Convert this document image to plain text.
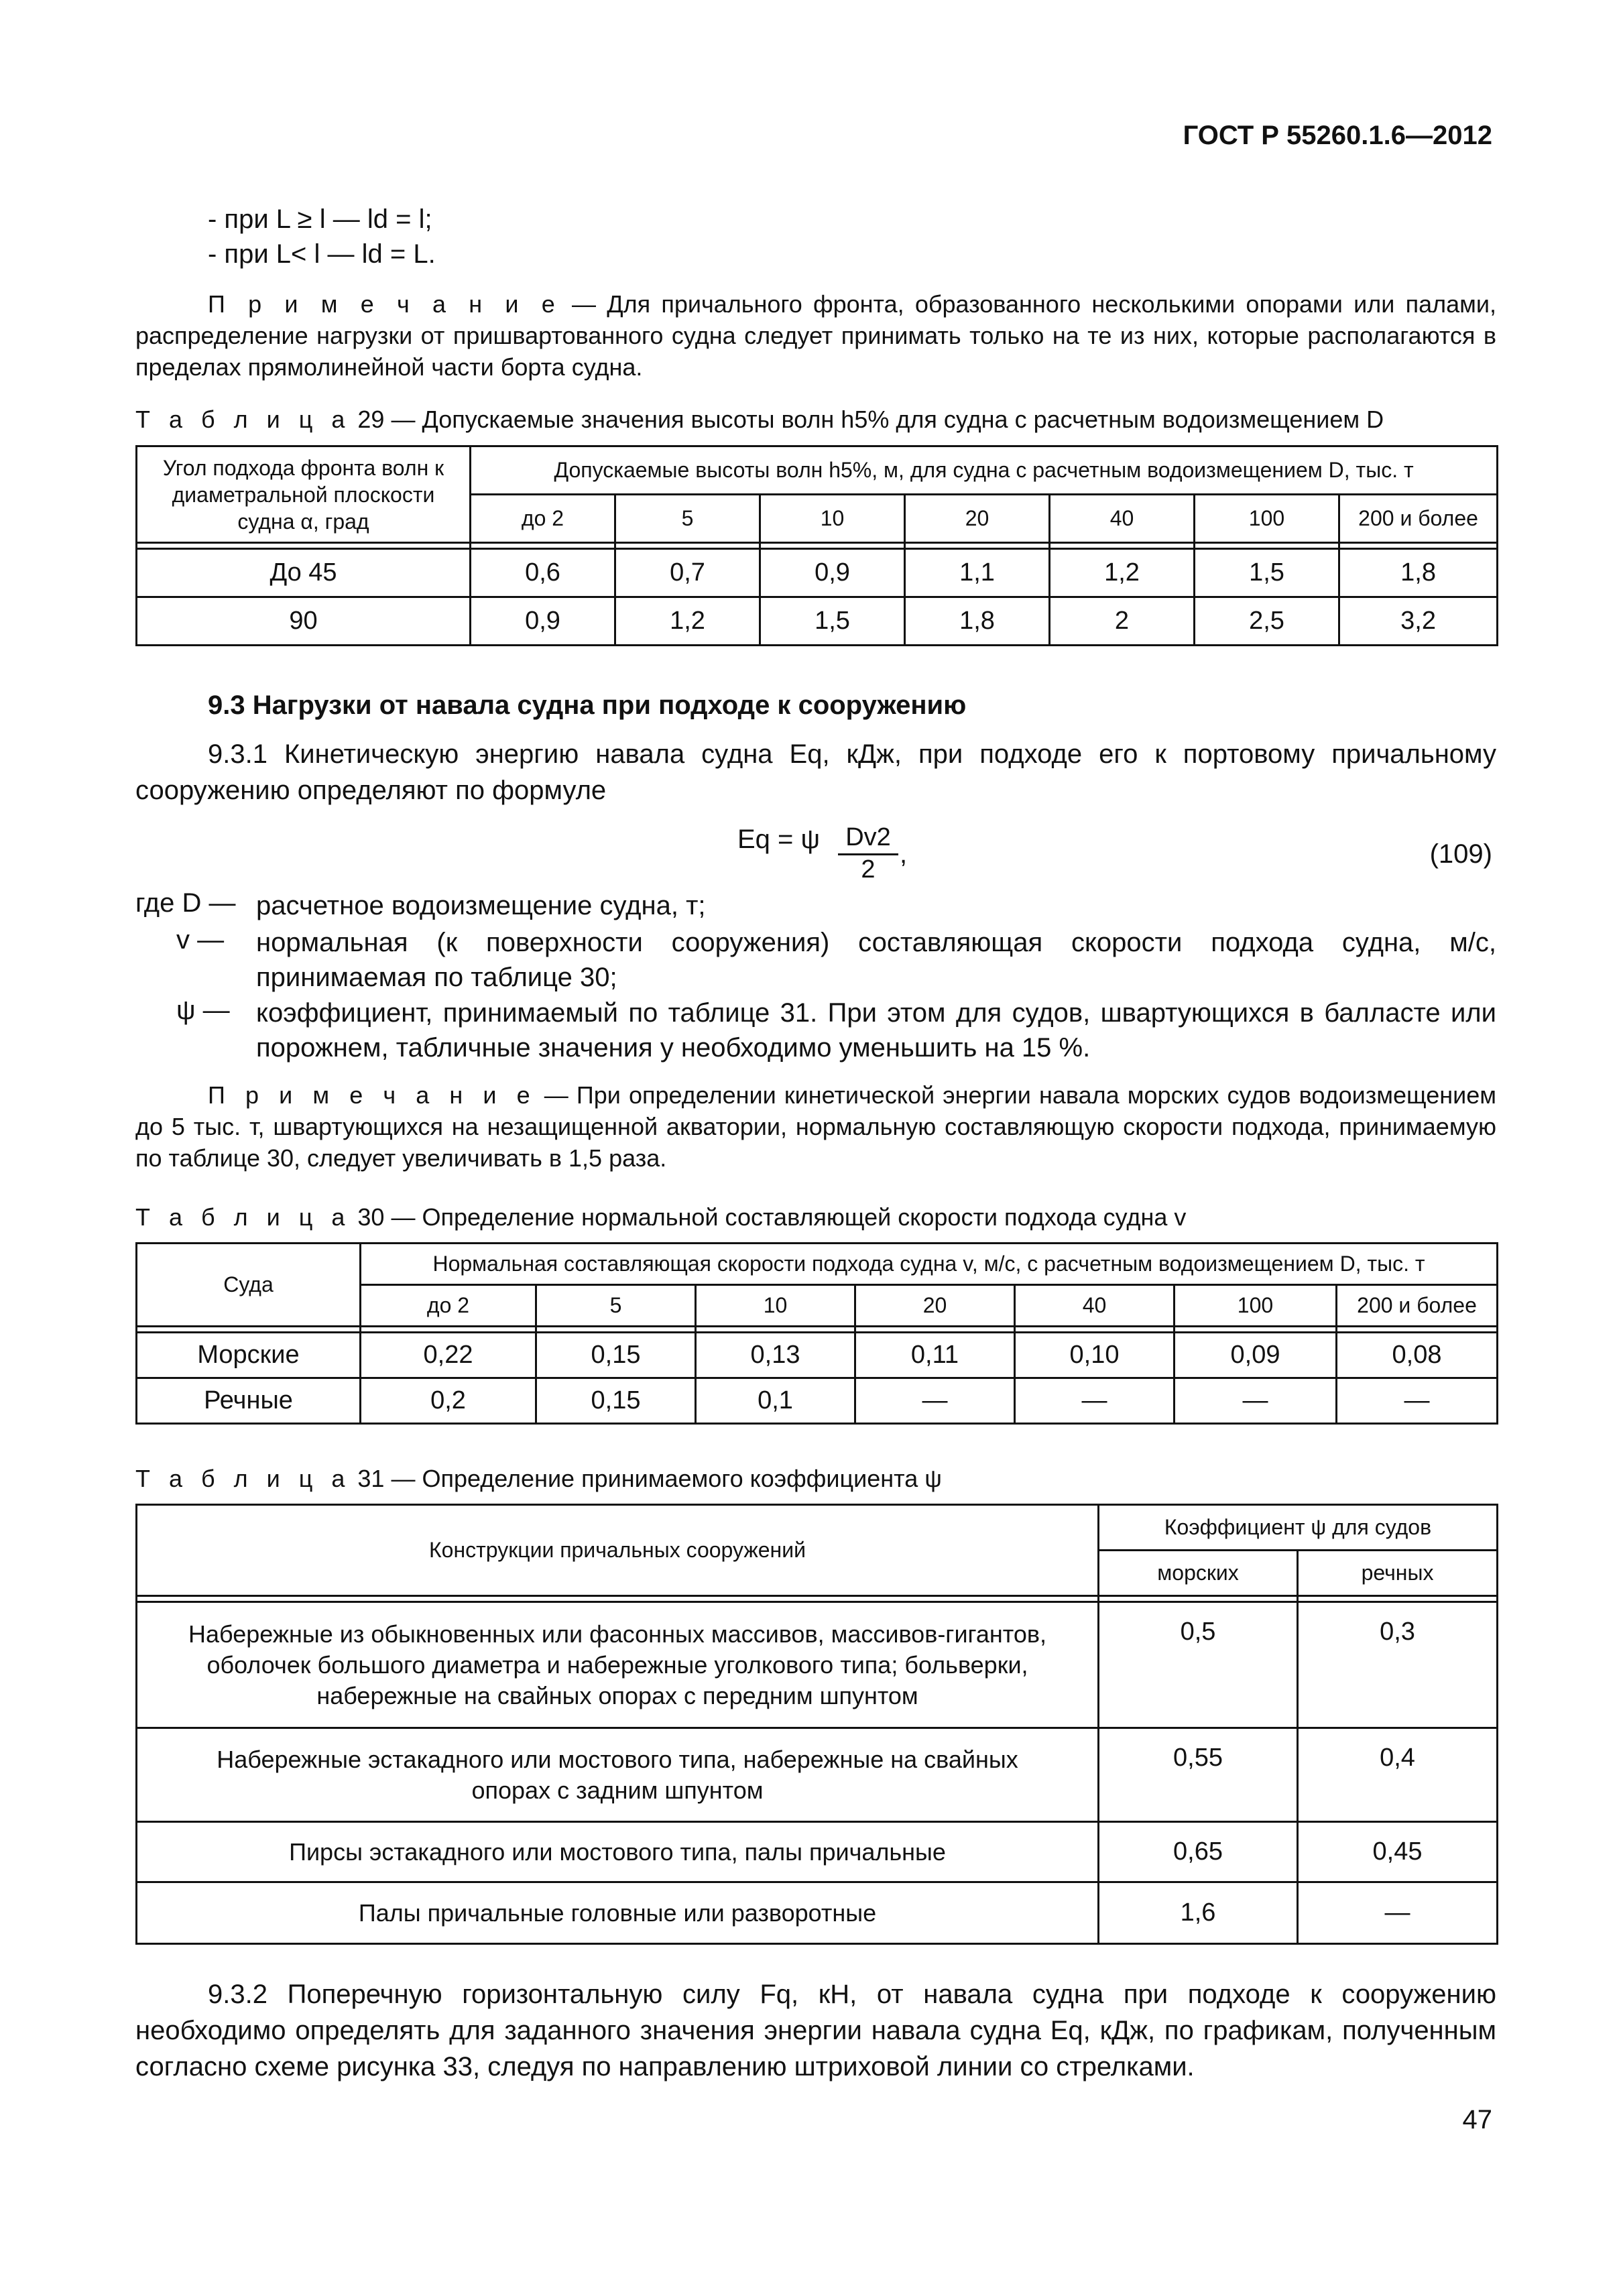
ГОСТ Р 55260.1.6—2012
- при L ≥ l — ld = l;
- при L< l — ld = L.
П р и м е ч а н и е — Для причального фронта, образованного несколькими опорами или палами, распределение нагрузки от пришвартованного судна следует принимать только на те из них, которые располагаются в пределах прямолинейной части борта судна.
Т а б л и ц а 29 — Допускаемые значения высоты волн h5% для судна с расчетным водоизмещением D
Угол подхода фронта волн к диаметральной плоскости судна α, град	Допускаемые высоты волн h5%, м, для судна с расчетным водоизмещением D, тыс. т						
	до 2	5	10	20	40	100	200 и более

До 45	0,6	0,7	0,9	1,1	1,2	1,5	1,8
90	0,9	1,2	1,5	1,8	2	2,5	3,2
9.3 Нагрузки от навала судна при подходе к сооружению
9.3.1 Кинетическую энергию навала судна Eq, кДж, при подходе его к портовому причальному сооружению определяют по формуле
Eq = ψ $\frac{Dv2}{2}$ ,	(109)
где D — расчетное водоизмещение судна, т;
v — нормальная (к поверхности сооружения) составляющая скорости подхода судна, м/с, принимаемая по таблице 30;
ψ — коэффициент, принимаемый по таблице 31. При этом для судов, швартующихся в балласте или порожнем, табличные значения y необходимо уменьшить на 15 %.
П р и м е ч а н и е — При определении кинетической энергии навала морских судов водоизмещением до 5 тыс. т, швартующихся на незащищенной акватории, нормальную составляющую скорости подхода, принимаемую по таблице 30, следует увеличивать в 1,5 раза.
Т а б л и ц а 30 — Определение нормальной составляющей скорости подхода судна v
Суда	Нормальная составляющая скорости подхода судна v, м/с, с расчетным водоизмещением D, тыс. т						
	до 2	5	10	20	40	100	200 и более

Морские	0,22	0,15	0,13	0,11	0,10	0,09	0,08
Речные	0,2	0,15	0,1	—	—	—	—
Т а б л и ц а 31 — Определение принимаемого коэффициента ψ
Конструкции причальных сооружений	Коэффициент ψ для судов	
	морских	речных

Набережные из обыкновенных или фасонных массивов, массивов-гигантов, оболочек большого диаметра и набережные уголкового типа; больверки, набережные на свайных опорах с передним шпунтом	0,5	0,3
Набережные эстакадного или мостового типа, набережные на свайных опорах с задним шпунтом	0,55	0,4
Пирсы эстакадного или мостового типа, палы причальные	0,65	0,45
Палы причальные головные или разворотные	1,6	—
9.3.2 Поперечную горизонтальную силу Fq, кН, от навала судна при подходе к сооружению необходимо определять для заданного значения энергии навала судна Eq, кДж, по графикам, полученным согласно схеме рисунка 33, следуя по направлению штриховой линии со стрелками.
47
